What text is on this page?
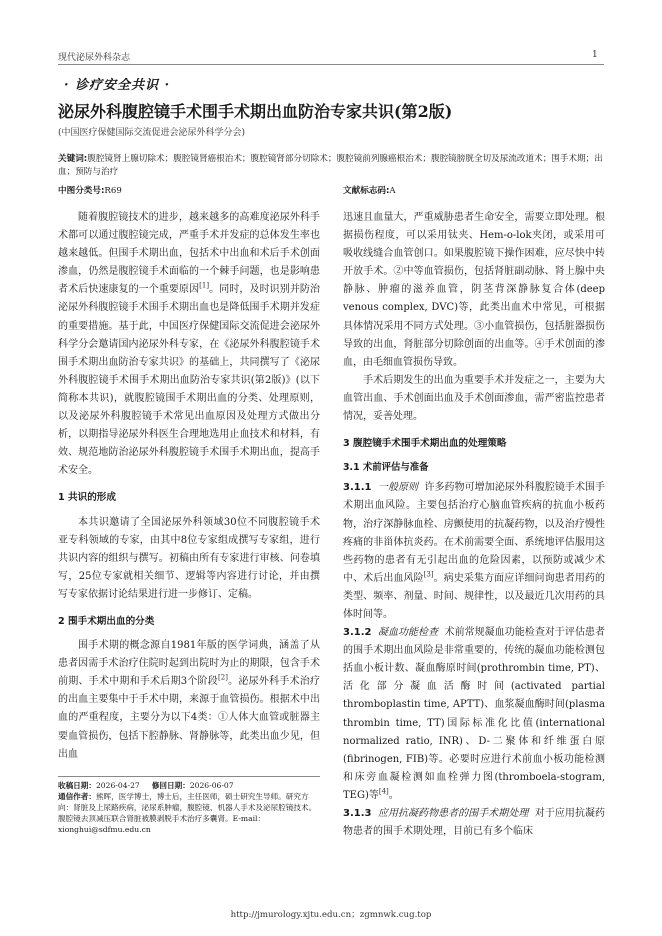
现代泌尿外科杂志	1
· 诊疗安全共识 ·
泌尿外科腹腔镜手术围手术期出血防治专家共识(第2版)
(中国医疗保健国际交流促进会泌尿外科学分会)
关键词:腹腔镜肾上腺切除术；腹腔镜肾癌根治术；腹腔镜肾部分切除术；腹腔镜前列腺癌根治术；腹腔镜膀胱全切及尿流改道术；围手术期；出血；预防与治疗
中图分类号:R69	文献标志码:A

随着腹腔镜技术的进步，越来越多的高难度泌尿外科手术都可以通过腹腔镜完成，严重手术并发症的总体发生率也越来越低。但围手术期出血，包括术中出血和术后手术创面渗血，仍然是腹腔镜手术面临的一个棘手问题，也是影响患者术后快速康复的一个重要原因[1]。同时，及时识别并防治泌尿外科腹腔镜手术围手术期出血也是降低围手术期并发症的重要措施。基于此，中国医疗保健国际交流促进会泌尿外科学分会邀请国内泌尿外科专家，在《泌尿外科腹腔镜手术围手术期出血防治专家共识》的基础上，共同撰写了《泌尿外科腹腔镜手术围手术期出血防治专家共识(第2版)》(以下简称本共识)，就腹腔镜围手术期出血的分类、处理原则，以及泌尿外科腹腔镜手术常见出血原因及处理方式做出分析，以期指导泌尿外科医生合理地选用止血技术和材料，有效、规范地防治泌尿外科腹腔镜手术围手术期出血，提高手术安全。

1 共识的形成

本共识邀请了全国泌尿外科领域30位不同腹腔镜手术亚专科领域的专家，由其中8位专家组成撰写专家组，进行共识内容的组织与撰写。初稿由所有专家进行审核、问卷填写，25位专家就相关细节、逻辑等内容进行讨论，并由撰写专家依据讨论结果进行进一步修订、定稿。

2 围手术期出血的分类

围手术期的概念源自1981年版的医学词典，涵盖了从患者因需手术治疗住院时起到出院时为止的期限，包含手术前期、手术中期和手术后期3个阶段[2]。泌尿外科手术治疗的出血主要集中于手术中期，来源于血管损伤。根据术中出血的严重程度，主要分为以下4类：①人体大血管或脏器主要血管损伤，包括下腔静脉、肾静脉等，此类出血少见，但出血

迅速且血量大，严重威胁患者生命安全，需要立即处理。根据损伤程度，可以采用钛夹、Hem-o-lok夹闭，或采用可吸收线缝合血管创口。如果腹腔镜下操作困难，应尽快中转开放手术。②中等血管损伤，包括肾脏副动脉、肾上腺中央静脉、肿瘤的滋养血管，阴茎背深静脉复合体(deep venous complex, DVC)等，此类出血术中常见，可根据具体情况采用不同方式处理。③小血管损伤，包括脏器损伤导致的出血，肾脏部分切除创面的出血等。④手术创面的渗血，由毛细血管损伤导致。

手术后期发生的出血为重要手术并发症之一，主要为大血管出血、手术创面出血及手术创面渗血，需严密监控患者情况，妥善处理。

3 腹腔镜手术围手术期出血的处理策略
3.1 术前评估与准备

3.1.1 一般原则 许多药物可增加泌尿外科腹腔镜手术围手术期出血风险。主要包括治疗心脑血管疾病的抗血小板药物，治疗深静脉血栓、房颤使用的抗凝药物，以及治疗慢性疼痛的非甾体抗炎药。在术前需要全面、系统地评估服用这些药物的患者有无引起出血的危险因素，以预防或减少术中、术后出血风险[3]。病史采集方面应详细问询患者用药的类型、频率、剂量、时间、规律性，以及最近几次用药的具体时间等。

3.1.2 凝血功能检查 术前常规凝血功能检查对于评估患者的围手术期出血风险是非常重要的，传统的凝血功能检测包括血小板计数、凝血酶原时间(prothrombin time, PT)、活化部分凝血活酶时间(activated partial thromboplastin time, APTT)、血浆凝血酶时间(plasma thrombin time, TT)国际标准化比值(international normalized ratio, INR)、D-二聚体和纤维蛋白原(fibrinogen, FIB)等。必要时应进行术前血小板功能检测和床旁血凝检测如血栓弹力图(thromboela-stogram, TEG)等[4]。

3.1.3 应用抗凝药物患者的围手术期处理 对于应用抗凝药物患者的围手术期处理，目前已有多个临床

收稿日期：2026-04-27 修回日期：2026-06-07
通信作者：熊晖，医学博士，博士后，主任医师，硕士研究生导师。研究方向：肾脏及上尿路疾病，泌尿系肿瘤，腹腔镜、机器人手术及泌尿腔镜技术。腹腔镜去顶减压联合肾脏被膜剥脱手术治疗多囊肾。E-mail：xionghui@sdfmu.edu.cn
http://jmurology.xjtu.edu.cn；zgmnwk.cug.top
